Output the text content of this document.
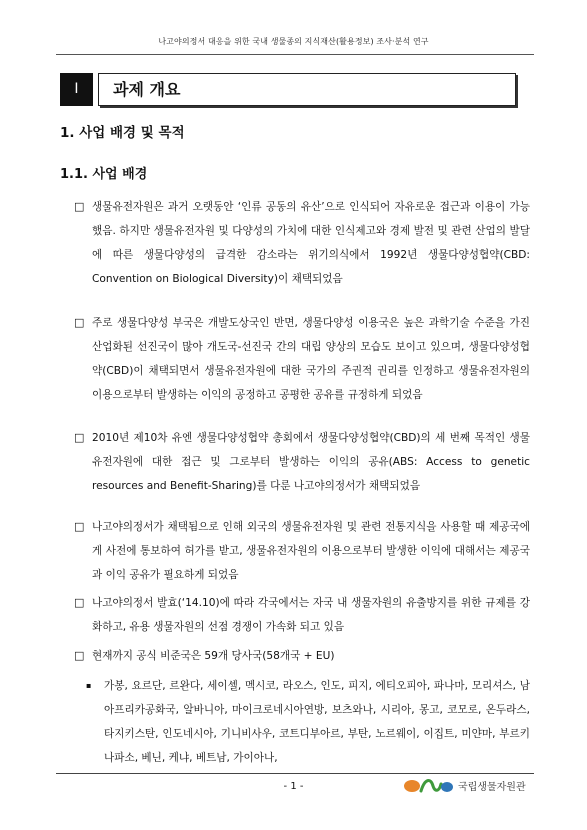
나고야의정서 대응을 위한 국내 생물종의 지식재산(활용정보) 조사·분석 연구
I	과제 개요
1. 사업 배경 및 목적
1.1. 사업 배경
□ 생물유전자원은 과거 오랫동안 ‘인류 공동의 유산’으로 인식되어 자유로운 접근과 이용이 가능했음. 하지만 생물유전자원 및 다양성의 가치에 대한 인식제고와 경제 발전 및 관련 산업의 발달에 따른 생물다양성의 급격한 감소라는 위기의식에서 1992년 생물다양성협약(CBD: Convention on Biological Diversity)이 채택되었음
□ 주로 생물다양성 부국은 개발도상국인 반면, 생물다양성 이용국은 높은 과학기술 수준을 가진 산업화된 선진국이 많아 개도국-선진국 간의 대립 양상의 모습도 보이고 있으며, 생물다양성협약(CBD)이 채택되면서 생물유전자원에 대한 국가의 주권적 권리를 인정하고 생물유전자원의 이용으로부터 발생하는 이익의 공정하고 공평한 공유를 규정하게 되었음
□ 2010년 제10차 유엔 생물다양성협약 총회에서 생물다양성협약(CBD)의 세 번째 목적인 생물유전자원에 대한 접근 및 그로부터 발생하는 이익의 공유(ABS: Access to genetic resources and Benefit-Sharing)를 다룬 나고야의정서가 채택되었음
□ 나고야의정서가 채택됨으로 인해 외국의 생물유전자원 및 관련 전통지식을 사용할 때 제공국에게 사전에 통보하여 허가를 받고, 생물유전자원의 이용으로부터 발생한 이익에 대해서는 제공국과 이익 공유가 필요하게 되었음
□ 나고야의정서 발효(‘14.10)에 따라 각국에서는 자국 내 생물자원의 유출방지를 위한 규제를 강화하고, 유용 생물자원의 선점 경쟁이 가속화 되고 있음
□ 현재까지 공식 비준국은 59개 당사국(58개국 + EU)
▪	가봉, 요르단, 르완다, 세이셸, 멕시코, 라오스, 인도, 피지, 에티오피아, 파나마, 모리셔스, 남아프리카공화국, 알바니아, 마이크로네시아연방, 보츠와나, 시리아, 몽고, 코모로, 온두라스, 타지키스탄, 인도네시아, 기니비사우, 코트디부아르, 부탄, 노르웨이, 이집트, 미얀마, 부르키나파소, 베닌, 케냐, 베트남, 가이아나,
- 1 -	국립생물자원관
